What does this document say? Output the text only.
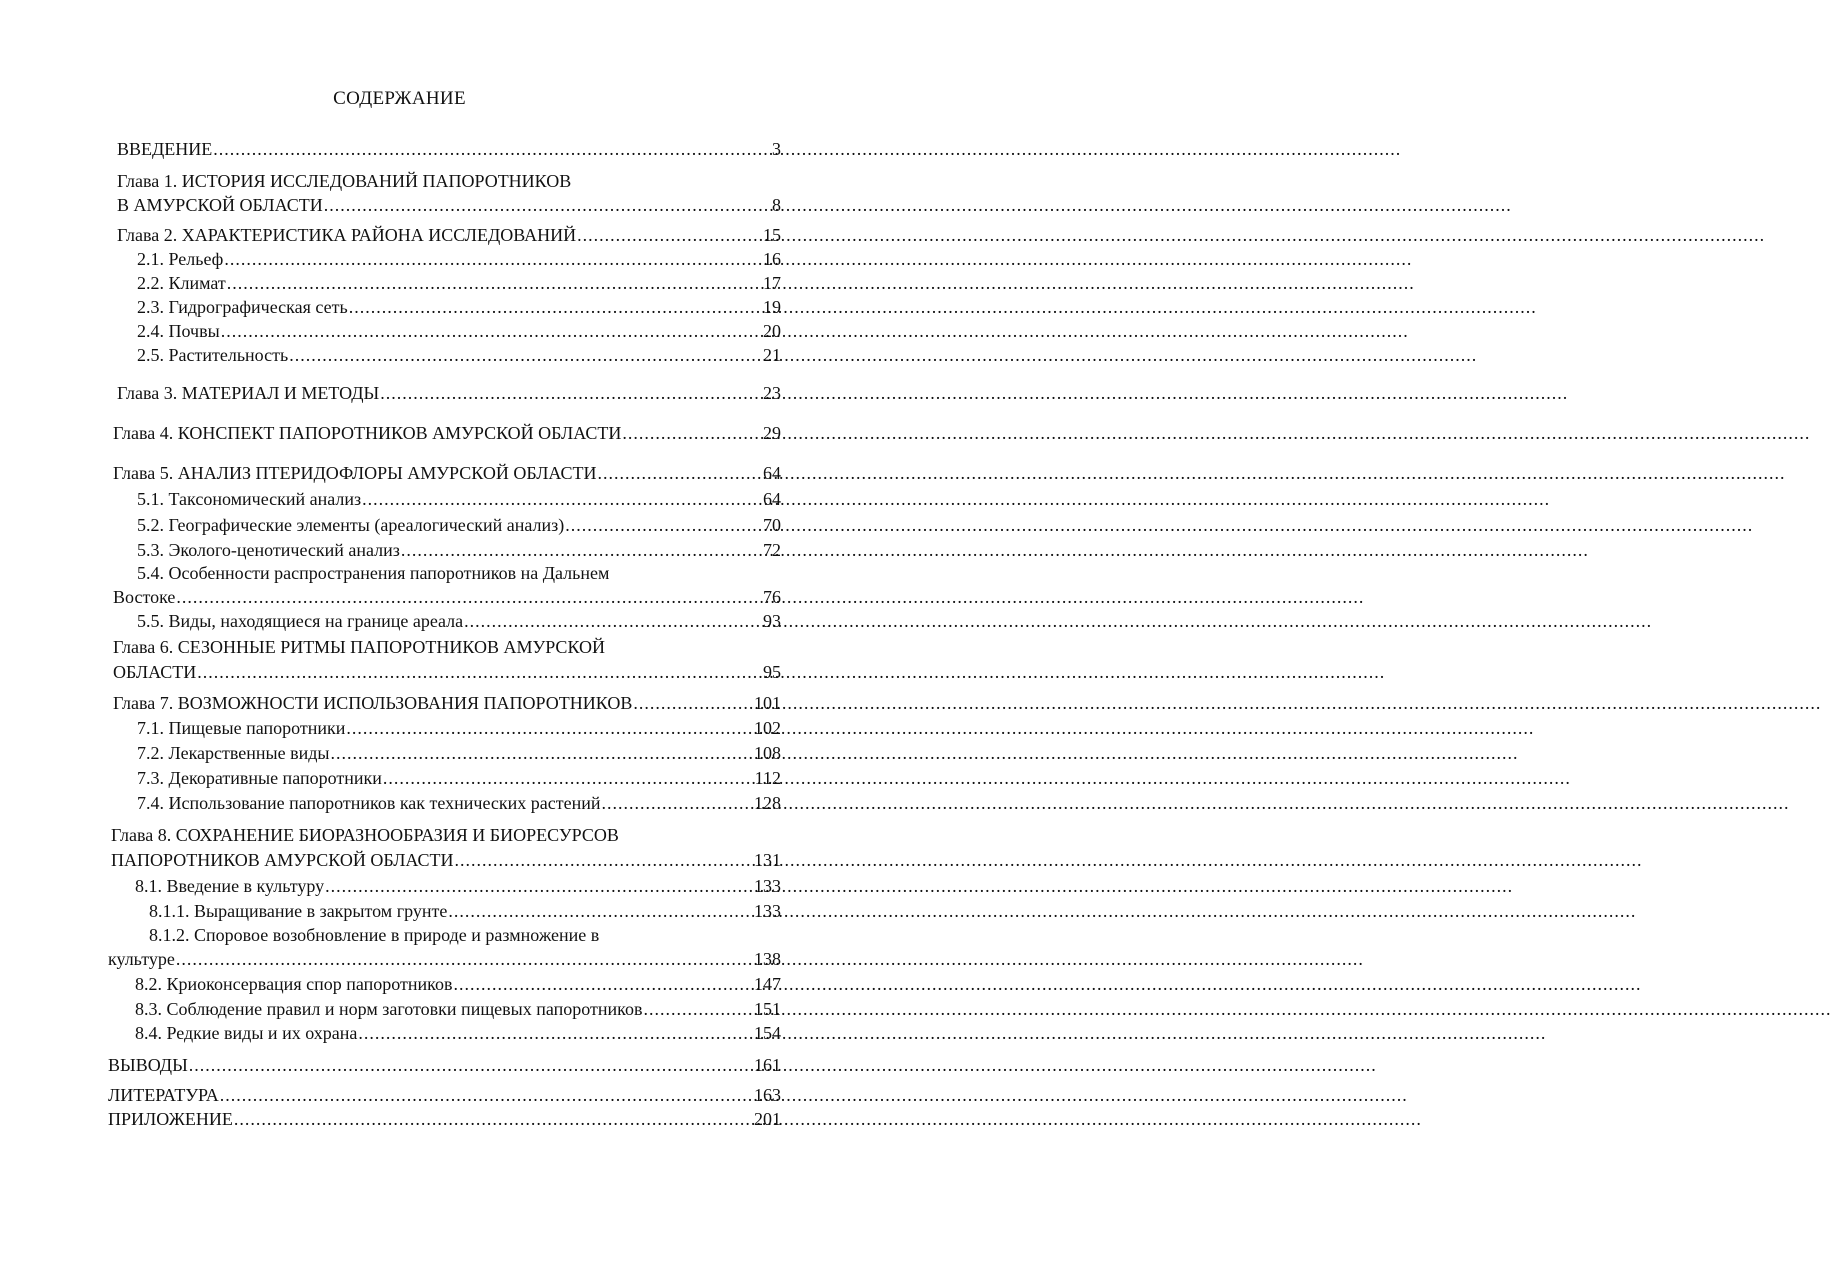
СОДЕРЖАНИЕ
ВВЕДЕНИЕ .....	3
Глава 1. ИСТОРИЯ ИССЛЕДОВАНИЙ ПАПОРОТНИКОВ
В АМУРСКОЙ ОБЛАСТИ .....	8
Глава 2. ХАРАКТЕРИСТИКА РАЙОНА ИССЛЕДОВАНИЙ .....	15
2.1. Рельеф .....	16
2.2. Климат .....	17
2.3. Гидрографическая сеть .....	19
2.4. Почвы .....	20
2.5. Растительность .....	21
Глава 3. МАТЕРИАЛ И МЕТОДЫ .....	23
Глава 4. КОНСПЕКТ ПАПОРОТНИКОВ АМУРСКОЙ ОБЛАСТИ .....	29
Глава 5. АНАЛИЗ ПТЕРИДОФЛОРЫ АМУРСКОЙ ОБЛАСТИ .....	64
5.1. Таксономический анализ .....	64
5.2. Географические элементы (ареалогический анализ) .....	70
5.3. Эколого-ценотический анализ .....	72
5.4. Особенности распространения папоротников на Дальнем
Востоке .....	76
5.5. Виды, находящиеся на границе ареала .....	93
Глава 6. СЕЗОННЫЕ РИТМЫ ПАПОРОТНИКОВ АМУРСКОЙ
ОБЛАСТИ .....	95
Глава 7. ВОЗМОЖНОСТИ ИСПОЛЬЗОВАНИЯ ПАПОРОТНИКОВ .....	101
7.1. Пищевые папоротники .....	102
7.2. Лекарственные виды .....	108
7.3. Декоративные папоротники .....	112
7.4. Использование папоротников как технических растений .....	128
Глава 8. СОХРАНЕНИЕ БИОРАЗНООБРАЗИЯ И БИОРЕСУРСОВ
ПАПОРОТНИКОВ АМУРСКОЙ ОБЛАСТИ .....	131
8.1. Введение в культуру .....	133
8.1.1. Выращивание в закрытом грунте .....	133
8.1.2. Споровое возобновление в природе и размножение в
культуре .....	138
8.2. Криоконсервация спор папоротников .....	147
8.3. Соблюдение правил и норм заготовки пищевых папоротников .....	151
8.4. Редкие виды и их охрана .....	154
ВЫВОДЫ .....	161
ЛИТЕРАТУРА .....	163
ПРИЛОЖЕНИЕ .....	201
